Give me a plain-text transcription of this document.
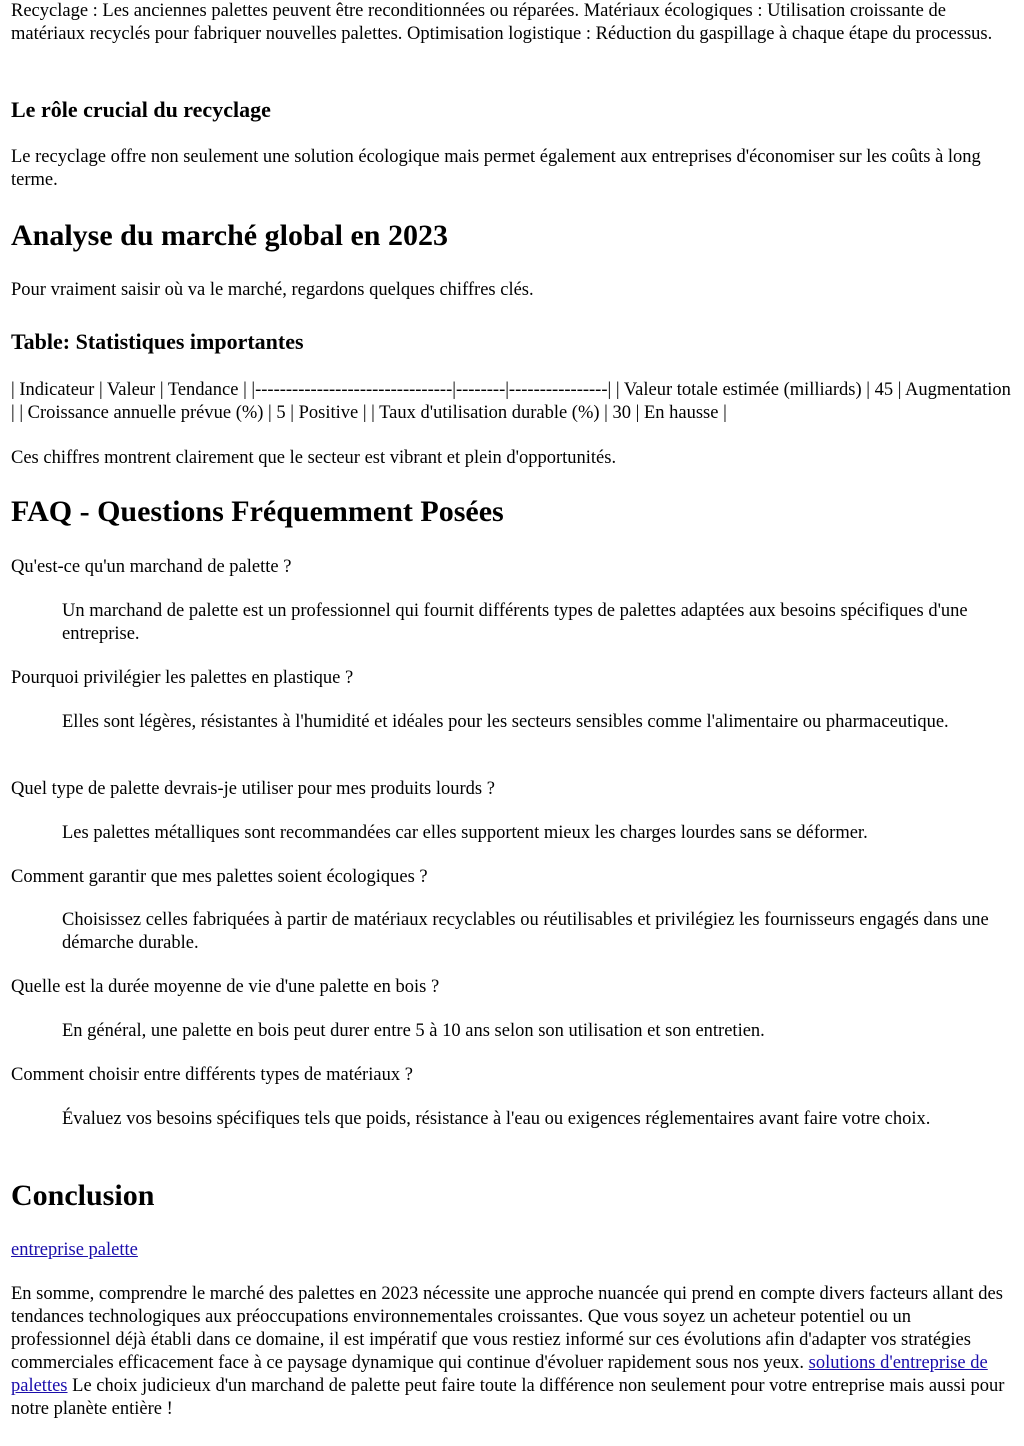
Recyclage : Les anciennes palettes peuvent être reconditionnées ou réparées. Matériaux écologiques : Utilisation croissante de matériaux recyclés pour fabriquer nouvelles palettes. Optimisation logistique : Réduction du gaspillage à chaque étape du processus.

Le rôle crucial du recyclage

Le recyclage offre non seulement une solution écologique mais permet également aux entreprises d'économiser sur les coûts à long terme.

Analyse du marché global en 2023

Pour vraiment saisir où va le marché, regardons quelques chiffres clés.

Table: Statistiques importantes

| Indicateur | Valeur | Tendance | |--------------------------------|--------|----------------| | Valeur totale estimée (milliards) | 45 | Augmentation | | Croissance annuelle prévue (%) | 5 | Positive | | Taux d'utilisation durable (%) | 30 | En hausse |

Ces chiffres montrent clairement que le secteur est vibrant et plein d'opportunités.

FAQ - Questions Fréquemment Posées

Qu'est-ce qu'un marchand de palette ?

Un marchand de palette est un professionnel qui fournit différents types de palettes adaptées aux besoins spécifiques d'une entreprise.

Pourquoi privilégier les palettes en plastique ?

Elles sont légères, résistantes à l'humidité et idéales pour les secteurs sensibles comme l'alimentaire ou pharmaceutique.

Quel type de palette devrais-je utiliser pour mes produits lourds ?

Les palettes métalliques sont recommandées car elles supportent mieux les charges lourdes sans se déformer.

Comment garantir que mes palettes soient écologiques ?

Choisissez celles fabriquées à partir de matériaux recyclables ou réutilisables et privilégiez les fournisseurs engagés dans une démarche durable.

Quelle est la durée moyenne de vie d'une palette en bois ?

En général, une palette en bois peut durer entre 5 à 10 ans selon son utilisation et son entretien.

Comment choisir entre différents types de matériaux ?

Évaluez vos besoins spécifiques tels que poids, résistance à l'eau ou exigences réglementaires avant faire votre choix.

Conclusion

entreprise palette

En somme, comprendre le marché des palettes en 2023 nécessite une approche nuancée qui prend en compte divers facteurs allant des tendances technologiques aux préoccupations environnementales croissantes. Que vous soyez un acheteur potentiel ou un professionnel déjà établi dans ce domaine, il est impératif que vous restiez informé sur ces évolutions afin d'adapter vos stratégies commerciales efficacement face à ce paysage dynamique qui continue d'évoluer rapidement sous nos yeux. solutions d'entreprise de palettes Le choix judicieux d'un marchand de palette peut faire toute la différence non seulement pour votre entreprise mais aussi pour notre planète entière !
